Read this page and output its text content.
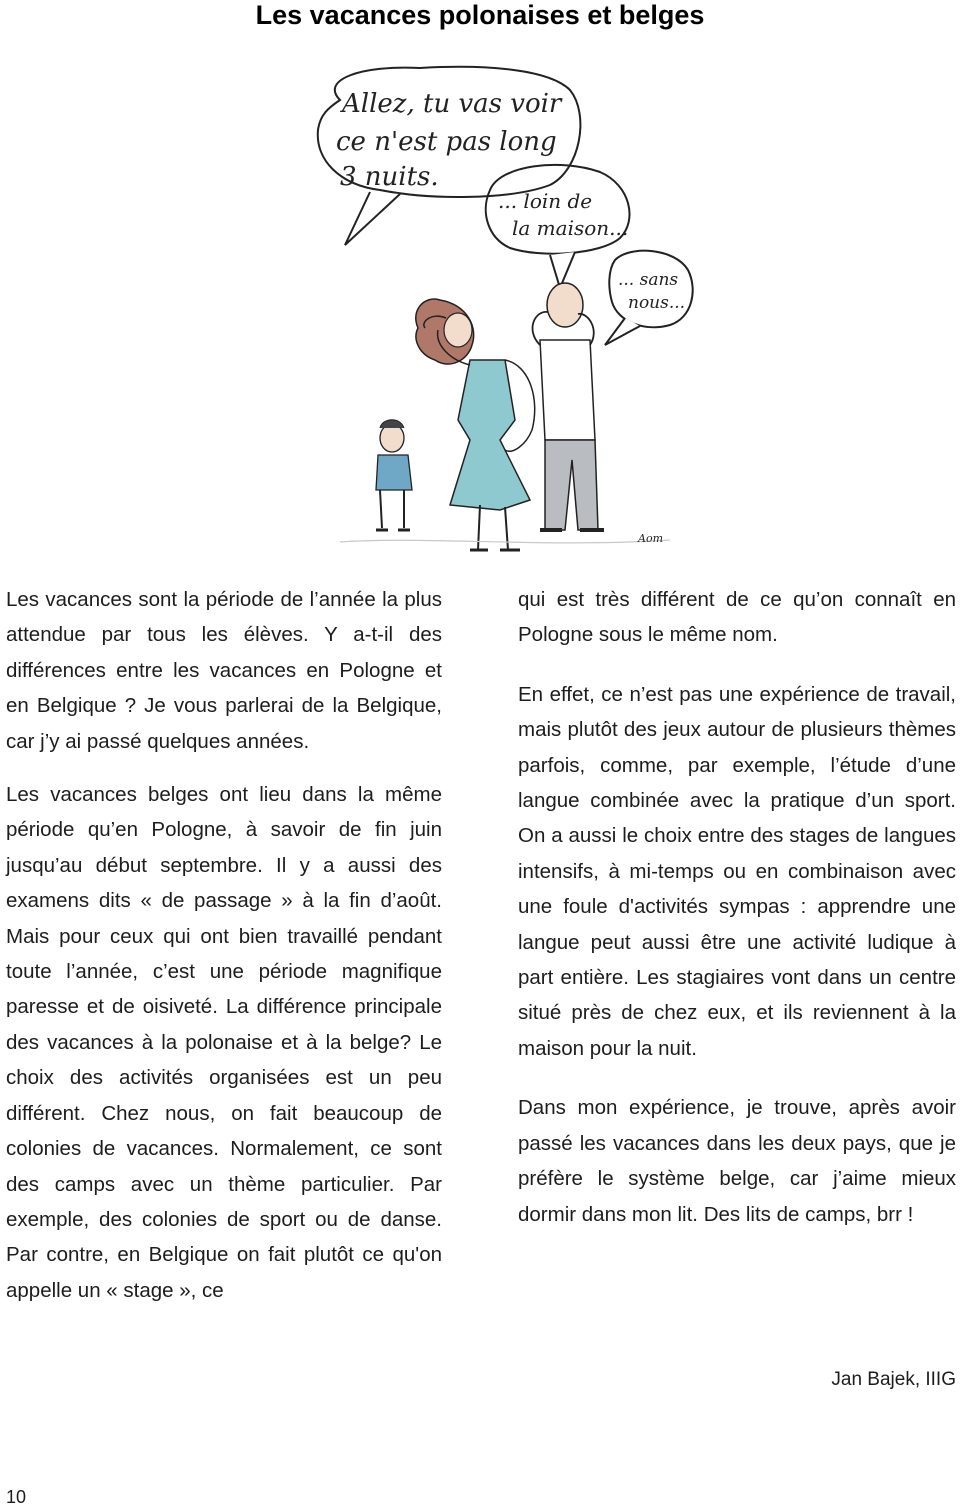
Les vacances polonaises et belges
Allez, tu vas voir
ce n'est pas long
3 nuits.
... loin de
la maison...
... sans
nous...
Aom

Les vacances sont la période de l’année la plus attendue par tous les élèves. Y a-t-il des différences entre les vacances en Pologne et en Belgique ? Je vous parlerai de la Belgique, car j’y ai passé quelques années.

Les vacances belges ont lieu dans la même période qu’en Pologne, à savoir de fin juin jusqu’au début septembre. Il y a aussi des examens dits « de passage » à la fin d’août. Mais pour ceux qui ont bien travaillé pendant toute l’année, c’est une période magnifique paresse et de oisiveté. La différence principale des vacances à la polonaise et à la belge? Le choix des activités organisées est un peu différent. Chez nous, on fait beaucoup de colonies de vacances. Normalement, ce sont des camps avec un thème particulier. Par exemple, des colonies de sport ou de danse. Par contre, en Belgique on fait plutôt ce qu'on appelle un « stage », ce

qui est très différent de ce qu’on connaît en Pologne sous le même nom.

En effet, ce n’est pas une expérience de travail, mais plutôt des jeux autour de plusieurs thèmes parfois, comme, par exemple, l’étude d’une langue combinée avec la pratique d’un sport. On a aussi le choix entre des stages de langues intensifs, à mi-temps ou en combinaison avec une foule d'activités sympas : apprendre une langue peut aussi être une activité ludique à part entière. Les stagiaires vont dans un centre situé près de chez eux, et ils reviennent à la maison pour la nuit.

Dans mon expérience, je trouve, après avoir passé les vacances dans les deux pays, que je préfère le système belge, car j’aime mieux dormir dans mon lit. Des lits de camps, brr !

Jan Bajek, IIIG
10
